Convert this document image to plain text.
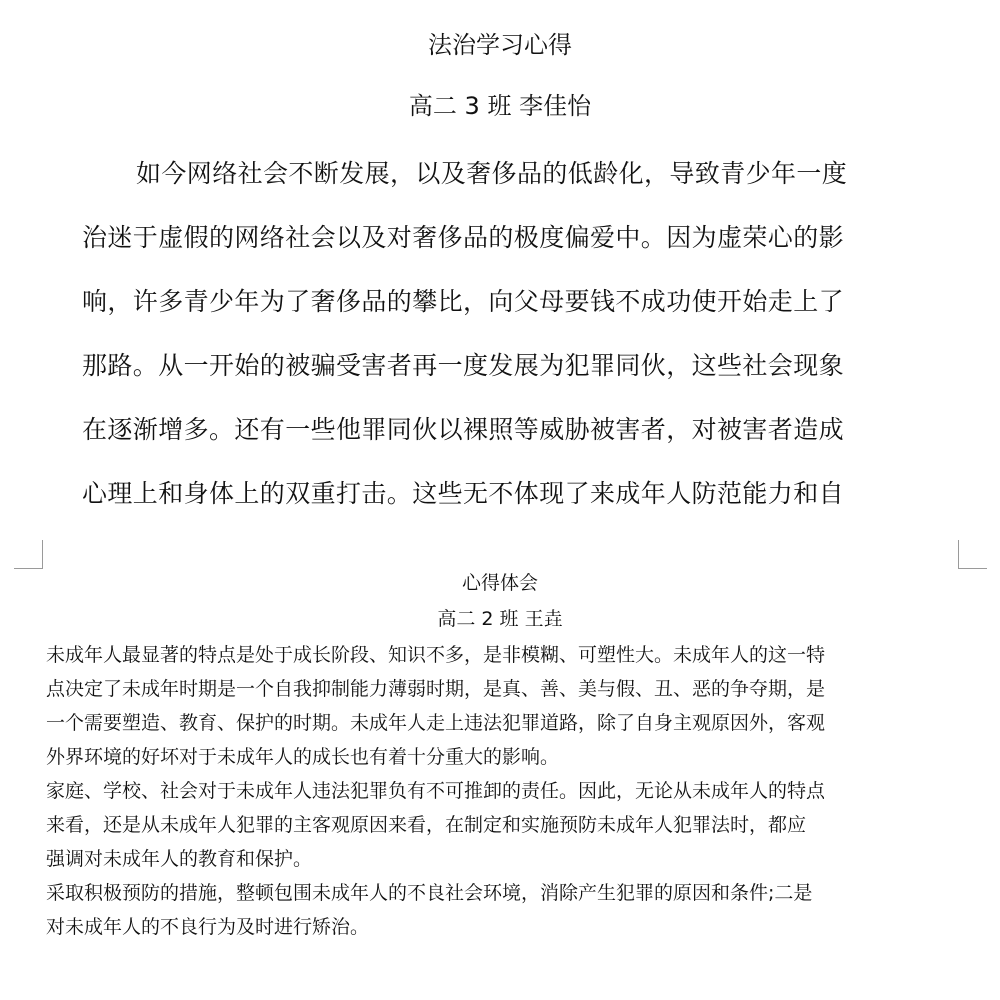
法治学习心得
高二 3 班 李佳怡
如今网络社会不断发展，以及奢侈品的低龄化，导致青少年一度
治迷于虚假的网络社会以及对奢侈品的极度偏爱中。因为虚荣心的影
响，许多青少年为了奢侈品的攀比，向父母要钱不成功使开始走上了
那路。从一开始的被骗受害者再一度发展为犯罪同伙，这些社会现象
在逐渐增多。还有一些他罪同伙以裸照等威胁被害者，对被害者造成
心理上和身体上的双重打击。这些无不体现了来成年人防范能力和自
心得体会
高二 2 班 王垚
未成年人最显著的特点是处于成长阶段、知识不多，是非模糊、可塑性大。未成年人的这一特
点决定了未成年时期是一个自我抑制能力薄弱时期，是真、善、美与假、丑、恶的争夺期，是
一个需要塑造、教育、保护的时期。未成年人走上违法犯罪道路，除了自身主观原因外，客观
外界环境的好坏对于未成年人的成长也有着十分重大的影响。
家庭、学校、社会对于未成年人违法犯罪负有不可推卸的责任。因此，无论从未成年人的特点
来看，还是从未成年人犯罪的主客观原因来看，在制定和实施预防未成年人犯罪法时，都应
强调对未成年人的教育和保护。
采取积极预防的措施，整顿包围未成年人的不良社会环境，消除产生犯罪的原因和条件;二是
对未成年人的不良行为及时进行矫治。
